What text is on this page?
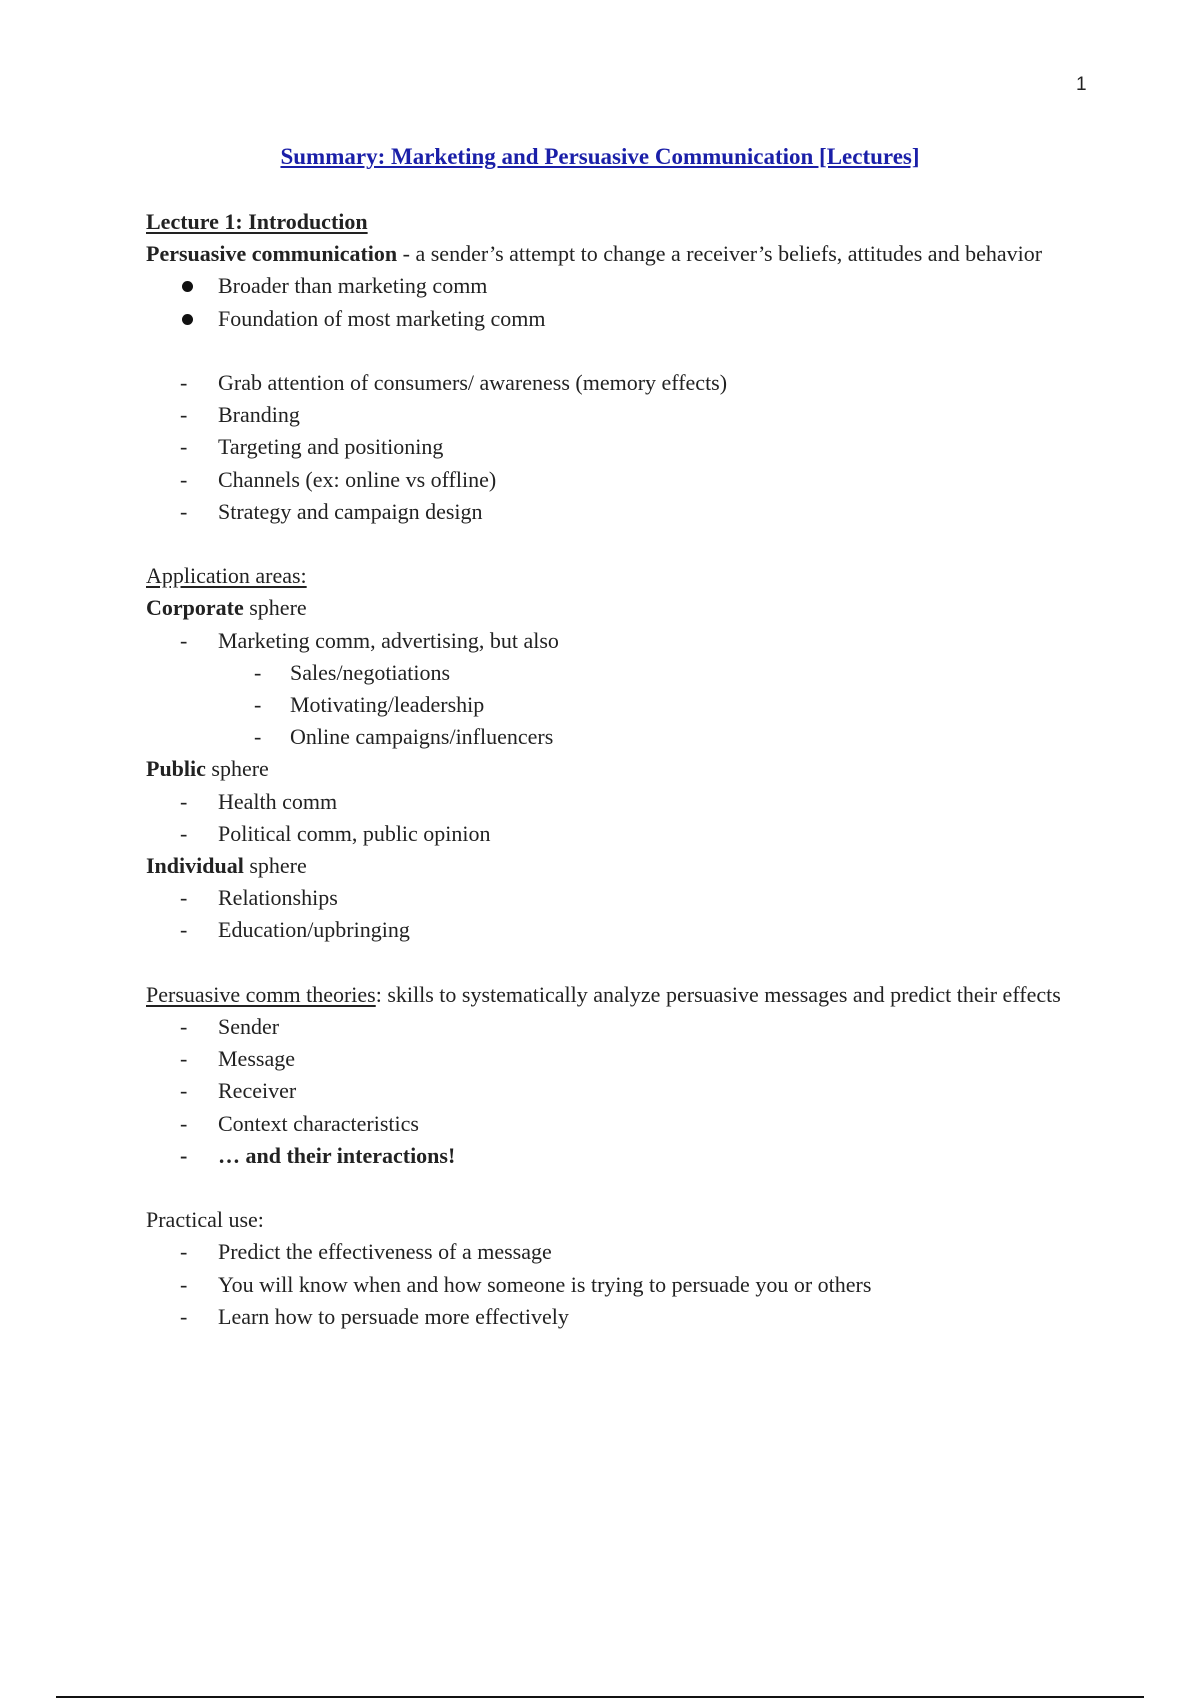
1
Summary: Marketing and Persuasive Communication [Lectures]
Lecture 1: Introduction
Persuasive communication - a sender’s attempt to change a receiver’s beliefs, attitudes and behavior
Broader than marketing comm
Foundation of most marketing comm
- Grab attention of consumers/ awareness (memory effects)
- Branding
- Targeting and positioning
- Channels (ex: online vs offline)
- Strategy and campaign design
Application areas:
Corporate sphere
- Marketing comm, advertising, but also
- Sales/negotiations
- Motivating/leadership
- Online campaigns/influencers
Public sphere
- Health comm
- Political comm, public opinion
Individual sphere
- Relationships
- Education/upbringing
Persuasive comm theories: skills to systematically analyze persuasive messages and predict their effects
- Sender
- Message
- Receiver
- Context characteristics
- … and their interactions!
Practical use:
- Predict the effectiveness of a message
- You will know when and how someone is trying to persuade you or others
- Learn how to persuade more effectively
